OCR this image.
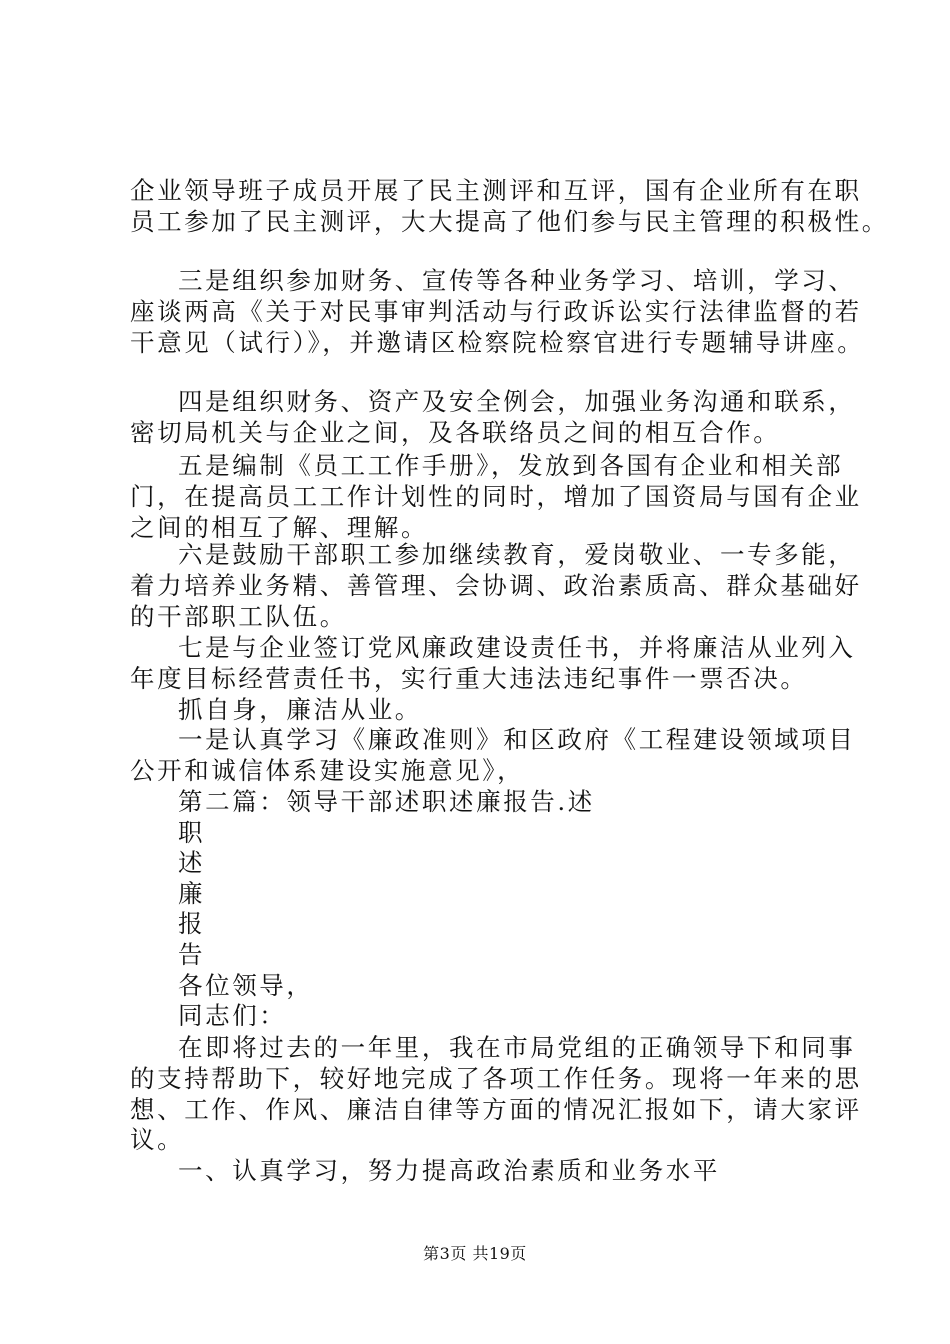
企业领导班子成员开展了民主测评和互评，国有企业所有在职

员工参加了民主测评，大大提高了他们参与民主管理的积极性。

三是组织参加财务、宣传等各种业务学习、培训，学习、

座谈两高《关于对民事审判活动与行政诉讼实行法律监督的若

干意见（试行）》，并邀请区检察院检察官进行专题辅导讲座。

四是组织财务、资产及安全例会，加强业务沟通和联系，

密切局机关与企业之间，及各联络员之间的相互合作。

五是编制《员工工作手册》，发放到各国有企业和相关部

门，在提高员工工作计划性的同时，增加了国资局与国有企业

之间的相互了解、理解。

六是鼓励干部职工参加继续教育，爱岗敬业、一专多能，

着力培养业务精、善管理、会协调、政治素质高、群众基础好

的干部职工队伍。

七是与企业签订党风廉政建设责任书，并将廉洁从业列入

年度目标经营责任书，实行重大违法违纪事件一票否决。

抓自身，廉洁从业。

一是认真学习《廉政准则》和区政府《工程建设领域项目

公开和诚信体系建设实施意见》，

第二篇：领导干部述职述廉报告.述

职

述

廉

报

告

各位领导，

同志们：

在即将过去的一年里，我在市局党组的正确领导下和同事

的支持帮助下，较好地完成了各项工作任务。现将一年来的思

想、工作、作风、廉洁自律等方面的情况汇报如下，请大家评

议。

一、认真学习，努力提高政治素质和业务水平

第3页 共19页
